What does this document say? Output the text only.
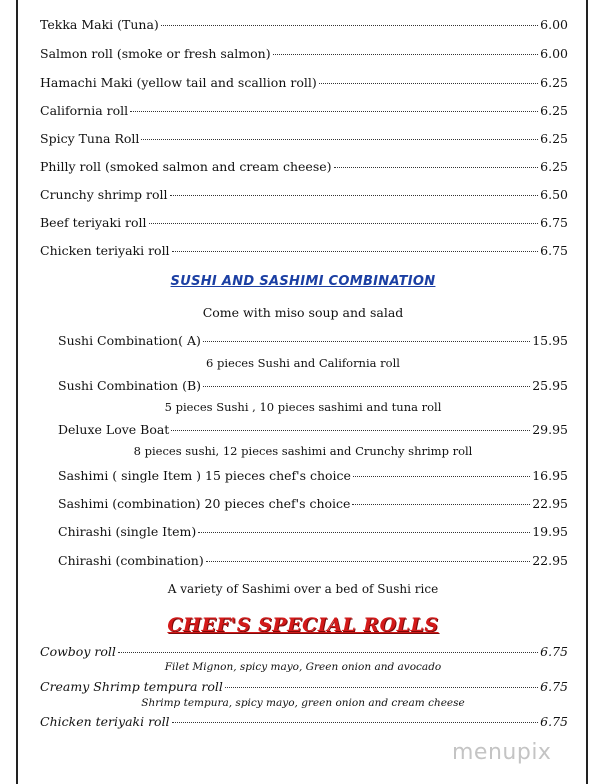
Tekka Maki (Tuna)	6.00
Salmon roll (smoke or fresh salmon)	6.00
Hamachi Maki (yellow tail and scallion roll)	6.25
California roll	6.25
Spicy Tuna Roll	6.25
Philly roll (smoked salmon and cream cheese)	6.25
Crunchy shrimp roll	6.50
Beef teriyaki roll	6.75
Chicken teriyaki roll	6.75
SUSHI AND SASHIMI COMBINATION
Come with miso soup and salad
Sushi Combination( A)	15.95
6 pieces Sushi and California roll
Sushi Combination (B)	25.95
5 pieces Sushi , 10 pieces sashimi and tuna roll
Deluxe Love Boat	29.95
8 pieces sushi, 12 pieces sashimi and Crunchy shrimp roll
Sashimi ( single Item ) 15 pieces chef's choice	16.95
Sashimi (combination) 20 pieces chef's choice	22.95
Chirashi (single Item)	19.95
Chirashi (combination)	22.95
A variety of Sashimi over a bed of Sushi rice
CHEF'S SPECIAL ROLLS
Cowboy roll	6.75
Filet Mignon, spicy mayo, Green onion and avocado
Creamy Shrimp tempura roll	6.75
Shrimp tempura, spicy mayo, green onion and cream cheese
Chicken teriyaki roll	6.75
menupix
